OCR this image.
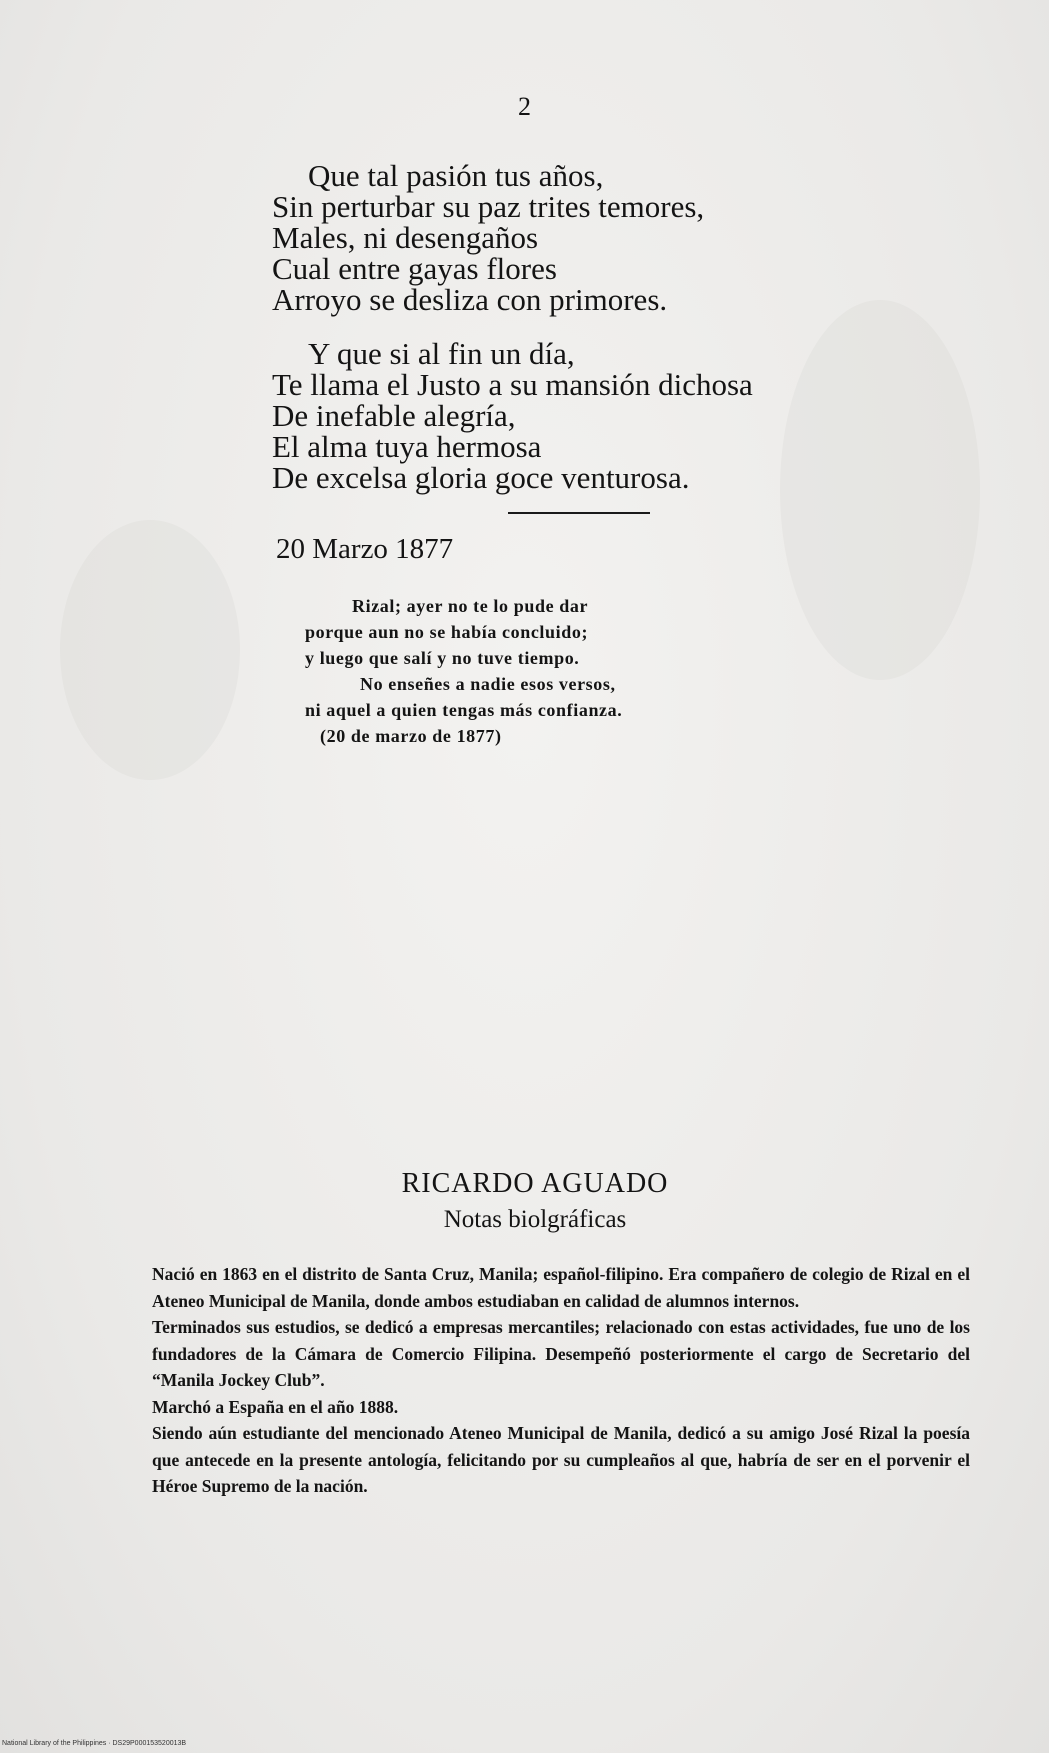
2
Que tal pasión tus años,
Sin perturbar su paz trites temores,
Males, ni desengaños
Cual entre gayas flores
Arroyo se desliza con primores.
Y que si al fin un día,
Te llama el Justo a su mansión dichosa
De inefable alegría,
El alma tuya hermosa
De excelsa gloria goce venturosa.
20 Marzo 1877
Rizal; ayer no te lo pude dar
porque aun no se había concluido;
y luego que salí y no tuve tiempo.
No enseñes a nadie esos versos,
ni aquel a quien tengas más confianza.
(20 de marzo de 1877)
RICARDO AGUADO
Notas biolgráficas

Nació en 1863 en el distrito de Santa Cruz, Manila; español-filipino. Era compañero de colegio de Rizal en el Ateneo Municipal de Manila, donde ambos estudiaban en calidad de alumnos internos.

Terminados sus estudios, se dedicó a empresas mercantiles; relacionado con estas actividades, fue uno de los fundadores de la Cámara de Comercio Filipina. Desempeñó posteriormente el cargo de Secretario del “Manila Jockey Club”.

Marchó a España en el año 1888.

Siendo aún estudiante del mencionado Ateneo Municipal de Manila, dedicó a su amigo José Rizal la poesía que antecede en la presente antología, felicitando por su cumpleaños al que, habría de ser en el porvenir el Héroe Supremo de la nación.

National Library of the Philippines · DS29P000153520013B
